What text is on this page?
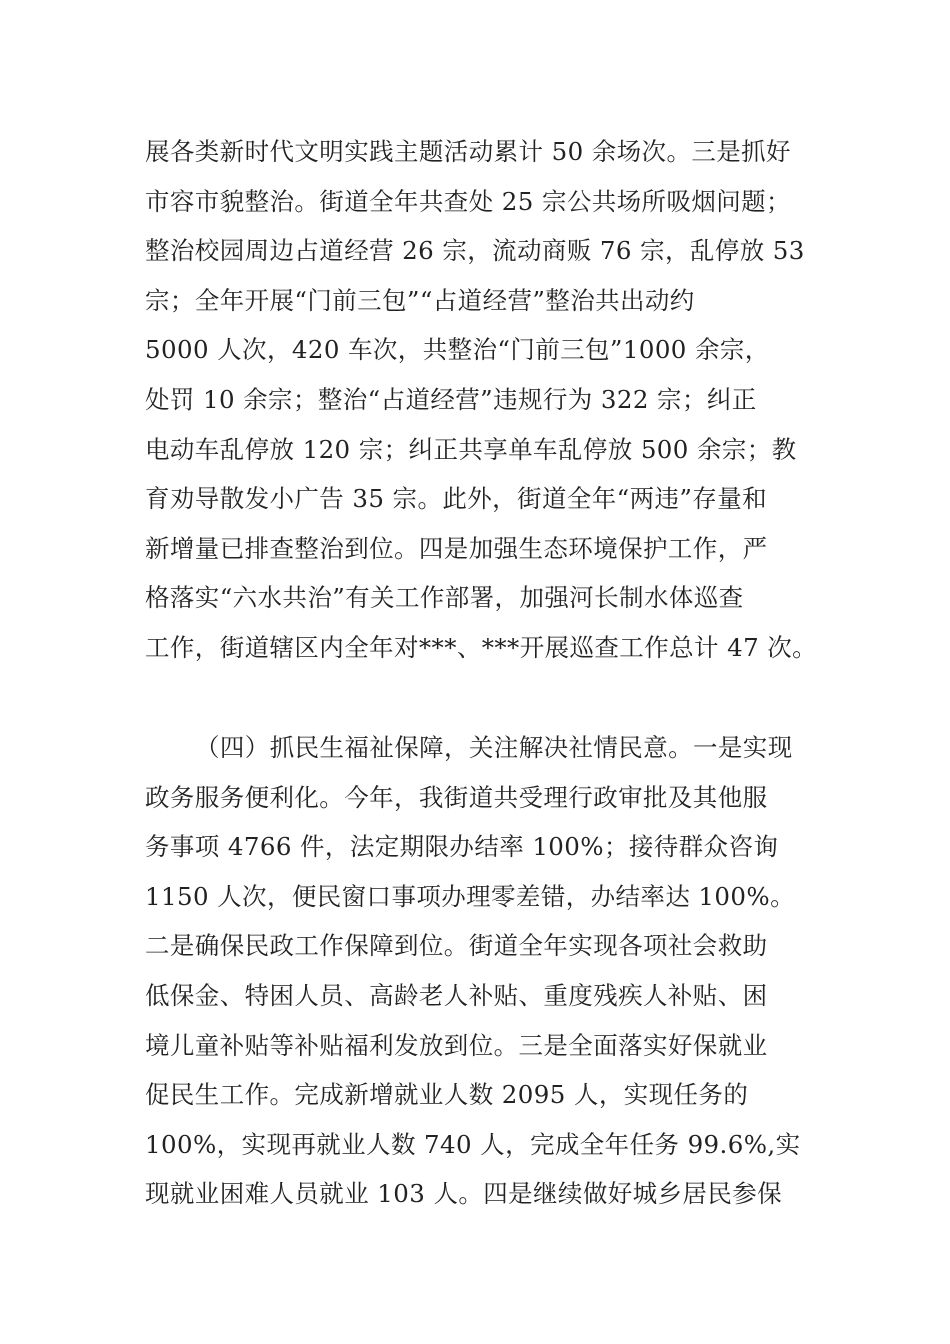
展各类新时代文明实践主题活动累计 50 余场次。三是抓好
市容市貌整治。街道全年共查处 25 宗公共场所吸烟问题；
整治校园周边占道经营 26 宗，流动商贩 76 宗，乱停放 53
宗；全年开展“门前三包”“占道经营”整治共出动约
5000 人次，420 车次，共整治“门前三包”1000 余宗，
处罚 10 余宗；整治“占道经营”违规行为 322 宗；纠正
电动车乱停放 120 宗；纠正共享单车乱停放 500 余宗；教
育劝导散发小广告 35 宗。此外，街道全年“两违”存量和
新增量已排查整治到位。四是加强生态环境保护工作，严
格落实“六水共治”有关工作部署，加强河长制水体巡查
工作，街道辖区内全年对***、***开展巡查工作总计 47 次。
（四）抓民生福祉保障，关注解决社情民意。一是实现
政务服务便利化。今年，我街道共受理行政审批及其他服
务事项 4766 件，法定期限办结率 100%；接待群众咨询
1150 人次，便民窗口事项办理零差错，办结率达 100%。
二是确保民政工作保障到位。街道全年实现各项社会救助
低保金、特困人员、高龄老人补贴、重度残疾人补贴、困
境儿童补贴等补贴福利发放到位。三是全面落实好保就业
促民生工作。完成新增就业人数 2095 人，实现任务的
100%，实现再就业人数 740 人，完成全年任务 99.6%,实
现就业困难人员就业 103 人。四是继续做好城乡居民参保
